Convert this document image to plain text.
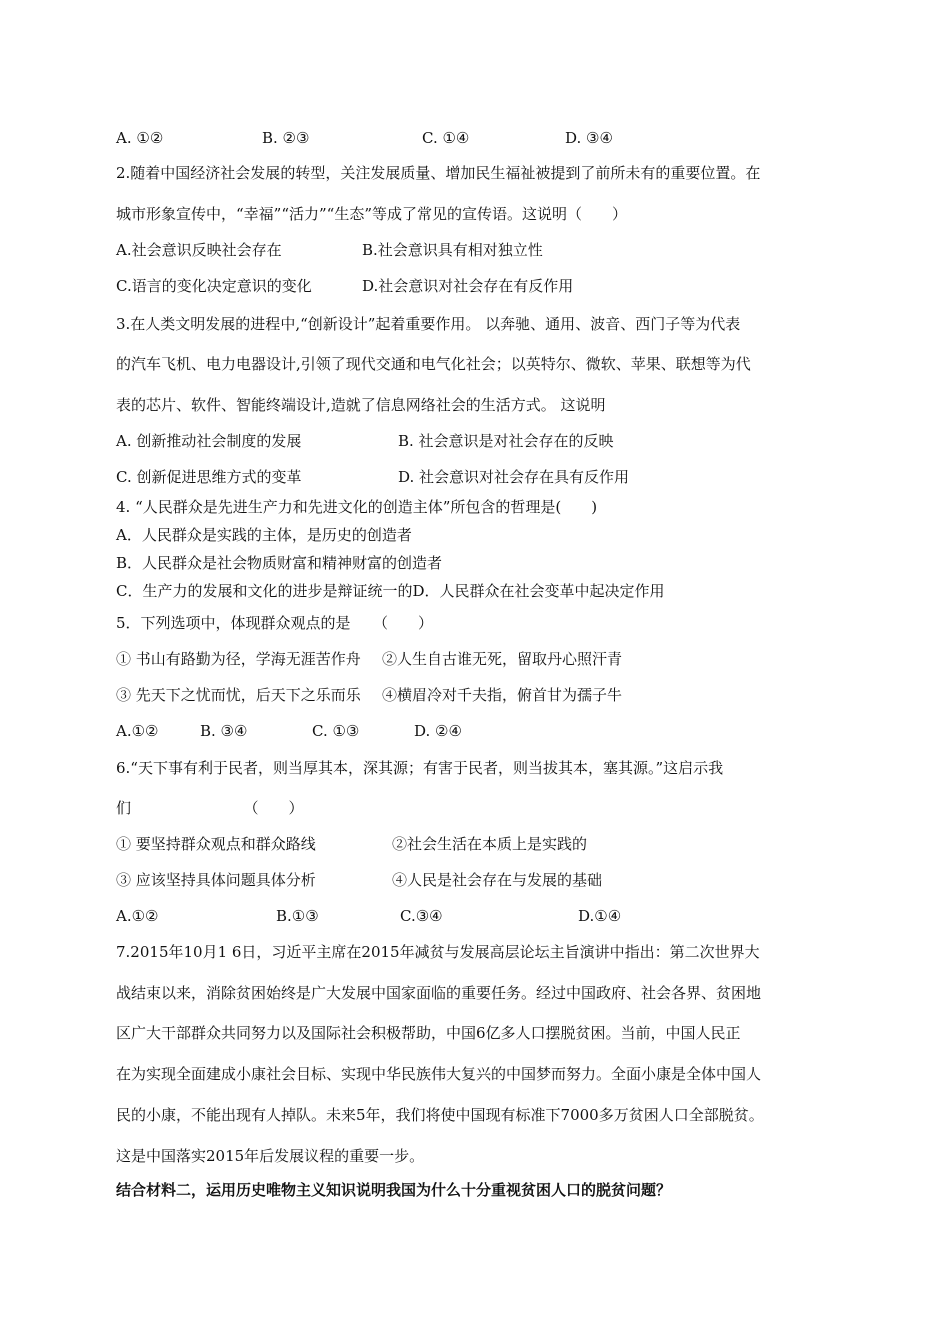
A. ①②	B. ②③	C. ①④	D. ③④
2.随着中国经济社会发展的转型，关注发展质量、增加民生福祉被提到了前所未有的重要位置。在
城市形象宣传中，“幸福”“活力”“生态”等成了常见的宣传语。这说明（　　）
A.社会意识反映社会存在	B.社会意识具有相对独立性
C.语言的变化决定意识的变化	D.社会意识对社会存在有反作用
3.在人类文明发展的进程中,“创新设计”起着重要作用。 以奔驰、通用、波音、西门子等为代表
的汽车飞机、电力电器设计,引领了现代交通和电气化社会；以英特尔、微软、苹果、联想等为代
表的芯片、软件、智能终端设计,造就了信息网络社会的生活方式。 这说明
A. 创新推动社会制度的发展	B. 社会意识是对社会存在的反映
C. 创新促进思维方式的变革	D. 社会意识对社会存在具有反作用
4. “人民群众是先进生产力和先进文化的创造主体”所包含的哲理是(　　)
A．人民群众是实践的主体，是历史的创造者
B．人民群众是社会物质财富和精神财富的创造者
C．生产力的发展和文化的进步是辩证统一的D．人民群众在社会变革中起决定作用
5．下列选项中，体现群众观点的是　　（　　）
① 书山有路勤为径，学海无涯苦作舟 ②人生自古谁无死，留取丹心照汗青
③ 先天下之忧而忧，后天下之乐而乐 ④横眉冷对千夫指，俯首甘为孺子牛
A.①②	B. ③④	C. ①③	D. ②④
6.“天下事有利于民者，则当厚其本，深其源；有害于民者，则当拔其本，塞其源。”这启示我
们　　　　　　　　（　　）
① 要坚持群众观点和群众路线	②社会生活在本质上是实践的
③ 应该坚持具体问题具体分析	④人民是社会存在与发展的基础
A.①②	B.①③	C.③④	D.①④
7.2015年10月1 6日，习近平主席在2015年减贫与发展高层论坛主旨演讲中指出：第二次世界大
战结束以来，消除贫困始终是广大发展中国家面临的重要任务。经过中国政府、社会各界、贫困地
区广大干部群众共同努力以及国际社会积极帮助，中国6亿多人口摆脱贫困。当前，中国人民正
在为实现全面建成小康社会目标、实现中华民族伟大复兴的中国梦而努力。全面小康是全体中国人
民的小康，不能出现有人掉队。未来5年，我们将使中国现有标准下7000多万贫困人口全部脱贫。
这是中国落实2015年后发展议程的重要一步。
结合材料二，运用历史唯物主义知识说明我国为什么十分重视贫困人口的脱贫问题？
